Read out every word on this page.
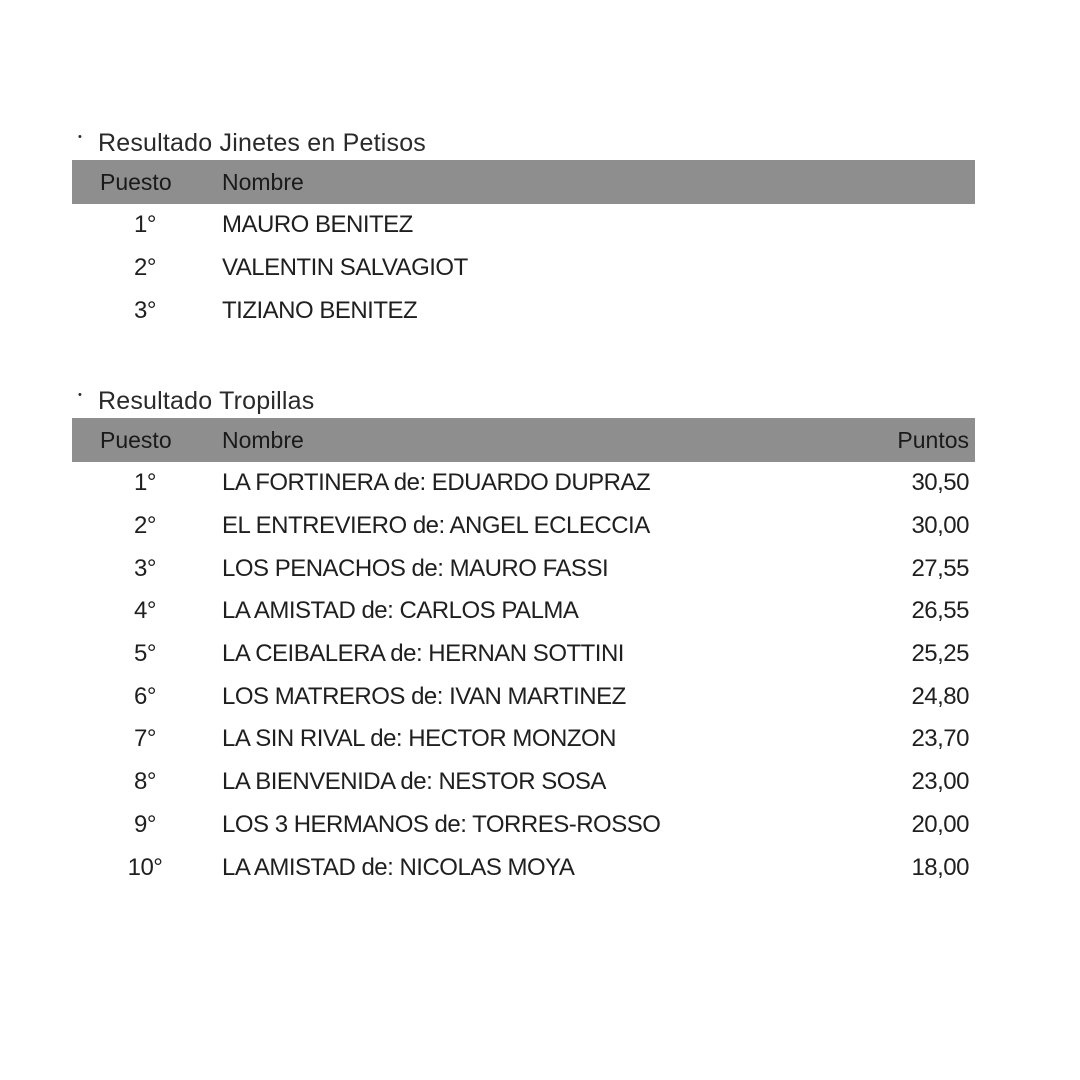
• Resultado Jinetes en Petisos
Puesto	Nombre
1°	MAURO BENITEZ
2°	VALENTIN SALVAGIOT
3°	TIZIANO BENITEZ
• Resultado Tropillas
Puesto	Nombre	Puntos
1°	LA FORTINERA de: EDUARDO DUPRAZ	30,50
2°	EL ENTREVIERO de: ANGEL ECLECCIA	30,00
3°	LOS PENACHOS de: MAURO FASSI	27,55
4°	LA AMISTAD de: CARLOS PALMA	26,55
5°	LA CEIBALERA de: HERNAN SOTTINI	25,25
6°	LOS MATREROS de: IVAN MARTINEZ	24,80
7°	LA SIN RIVAL de: HECTOR MONZON	23,70
8°	LA BIENVENIDA de: NESTOR SOSA	23,00
9°	LOS 3 HERMANOS de: TORRES-ROSSO	20,00
10°	LA AMISTAD de: NICOLAS MOYA	18,00
